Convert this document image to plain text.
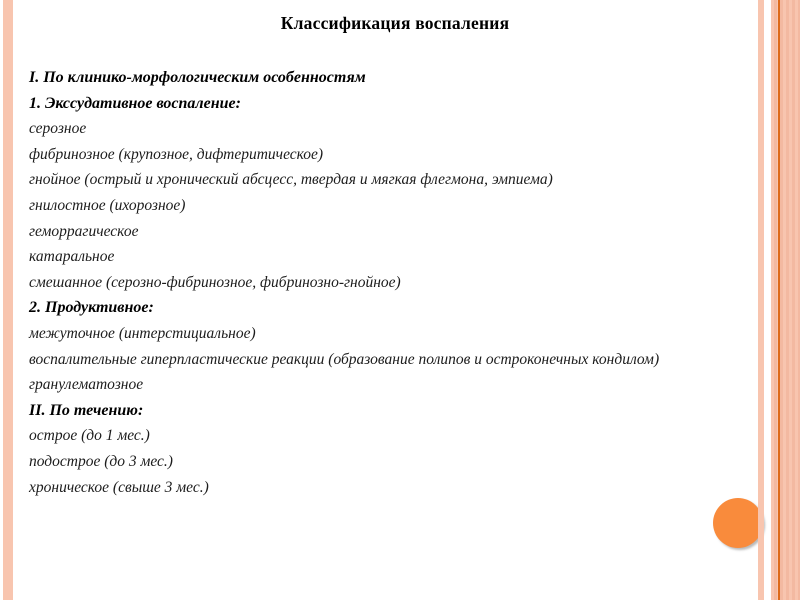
Классификация воспаления
I. По клинико-морфологическим особенностям
1. Экссудативное воспаление:
серозное
фибринозное (крупозное, дифтеритическое)
гнойное (острый и хронический абсцесс, твердая и мягкая флегмона, эмпиема)
гнилостное (ихорозное)
геморрагическое
катаральное
смешанное (серозно-фибринозное, фибринозно-гнойное)
2. Продуктивное:
межуточное (интерстициальное)
воспалительные гиперпластические реакции (образование полипов и остроконечных кондилом)
гранулематозное
II. По течению:
острое (до 1 мес.)
подострое (до 3 мес.)
хроническое (свыше 3 мес.)
